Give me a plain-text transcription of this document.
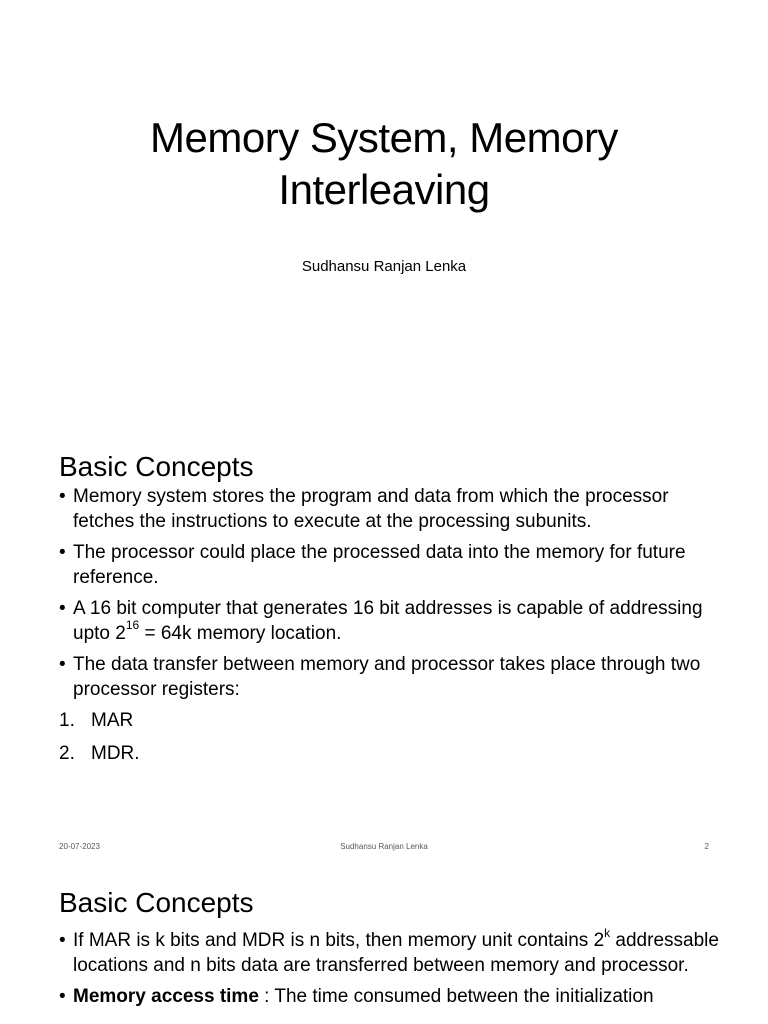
Memory System, Memory
Interleaving
Sudhansu Ranjan Lenka
Basic Concepts
• Memory system stores the program and data from which the processor fetches the instructions to execute at the processing subunits.
• The processor could place the processed data into the memory for future reference.
• A 16 bit computer that generates 16 bit addresses is capable of addressing upto $2^{16} = 64k$ memory location.
• The data transfer between memory and processor takes place through two processor registers:
1. MAR
2. MDR.
20-07-2023	Sudhansu Ranjan Lenka	2
Basic Concepts
• If MAR is k bits and MDR is n bits, then memory unit contains 2$^k$ addressable locations and n bits data are transferred between memory and processor.
• Memory access time : The time consumed between the initialization
